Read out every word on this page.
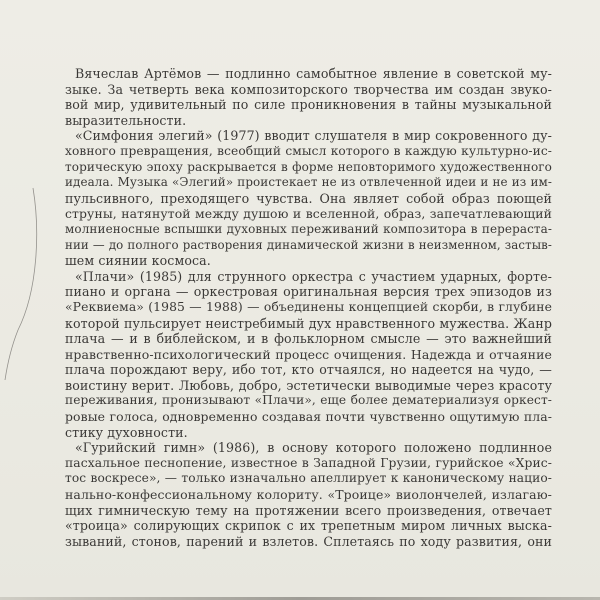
Вячеслав Артёмов — подлинно самобытное явление в советской му-
зыке. За четверть века композиторского творчества им создан звуко-
вой мир, удивительный по силе проникновения в тайны музыкальной
выразительности.
«Симфония элегий» (1977) вводит слушателя в мир сокровенного ду-
ховного превращения, всеобщий смысл которого в каждую культурно-ис-
торическую эпоху раскрывается в форме неповторимого художественного
идеала. Музыка «Элегий» проистекает не из отвлеченной идеи и не из им-
пульсивного, преходящего чувства. Она являет собой образ поющей
струны, натянутой между душою и вселенной, образ, запечатлевающий
молниеносные вспышки духовных переживаний композитора в перераста-
нии — до полного растворения динамической жизни в неизменном, застыв-
шем сиянии космоса.
«Плачи» (1985) для струнного оркестра с участием ударных, форте-
пиано и органа — оркестровая оригинальная версия трех эпизодов из
«Реквиема» (1985 — 1988) — объединены концепцией скорби, в глубине
которой пульсирует неистребимый дух нравственного мужества. Жанр
плача — и в библейском, и в фольклорном смысле — это важнейший
нравственно-психологический процесс очищения. Надежда и отчаяние
плача порождают веру, ибо тот, кто отчаялся, но надеется на чудо, —
воистину верит. Любовь, добро, эстетически выводимые через красоту
переживания, пронизывают «Плачи», еще более дематериализуя оркест-
ровые голоса, одновременно создавая почти чувственно ощутимую пла-
стику духовности.
«Гурийский гимн» (1986), в основу которого положено подлинное
пасхальное песнопение, известное в Западной Грузии, гурийское «Хрис-
тос воскресе», — только изначально апеллирует к каноническому нацио-
нально-конфессиональному колориту. «Троице» виолончелей, излагаю-
щих гимническую тему на протяжении всего произведения, отвечает
«троица» солирующих скрипок с их трепетным миром личных выска-
зываний, стонов, парений и взлетов. Сплетаясь по ходу развития, они
